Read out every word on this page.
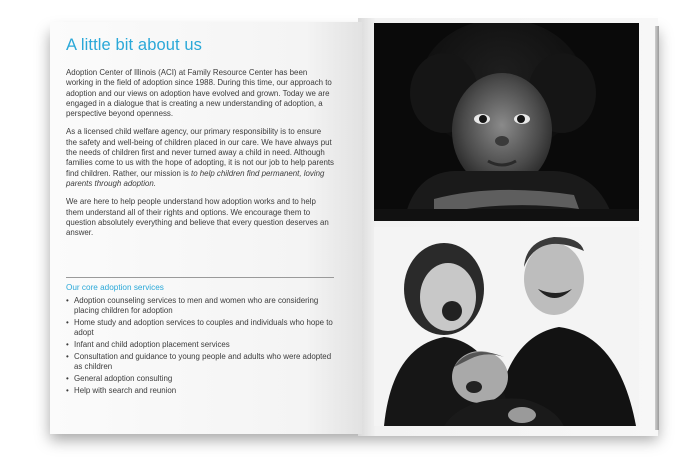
A little bit about us

Adoption Center of Illinois (ACI) at Family Resource Center has been working in the field of adoption since 1988. During this time, our approach to adoption and our views on adoption have evolved and grown. Today we are engaged in a dialogue that is creating a new understanding of adoption, a perspective beyond openness.

As a licensed child welfare agency, our primary responsibility is to ensure the safety and well-being of children placed in our care. We have always put the needs of children first and never turned away a child in need. Although families come to us with the hope of adopting, it is not our job to help parents find children. Rather, our mission is to help children find permanent, loving parents through adoption.

We are here to help people understand how adoption works and to help them understand all of their rights and options. We encourage them to question absolutely everything and believe that every question deserves an answer.

Our core adoption services
• Adoption counseling services to men and women who are considering placing children for adoption
• Home study and adoption services to couples and individuals who hope to adopt
• Infant and child adoption placement services
• Consultation and guidance to young people and adults who were adopted as children
• General adoption consulting
• Help with search and reunion
